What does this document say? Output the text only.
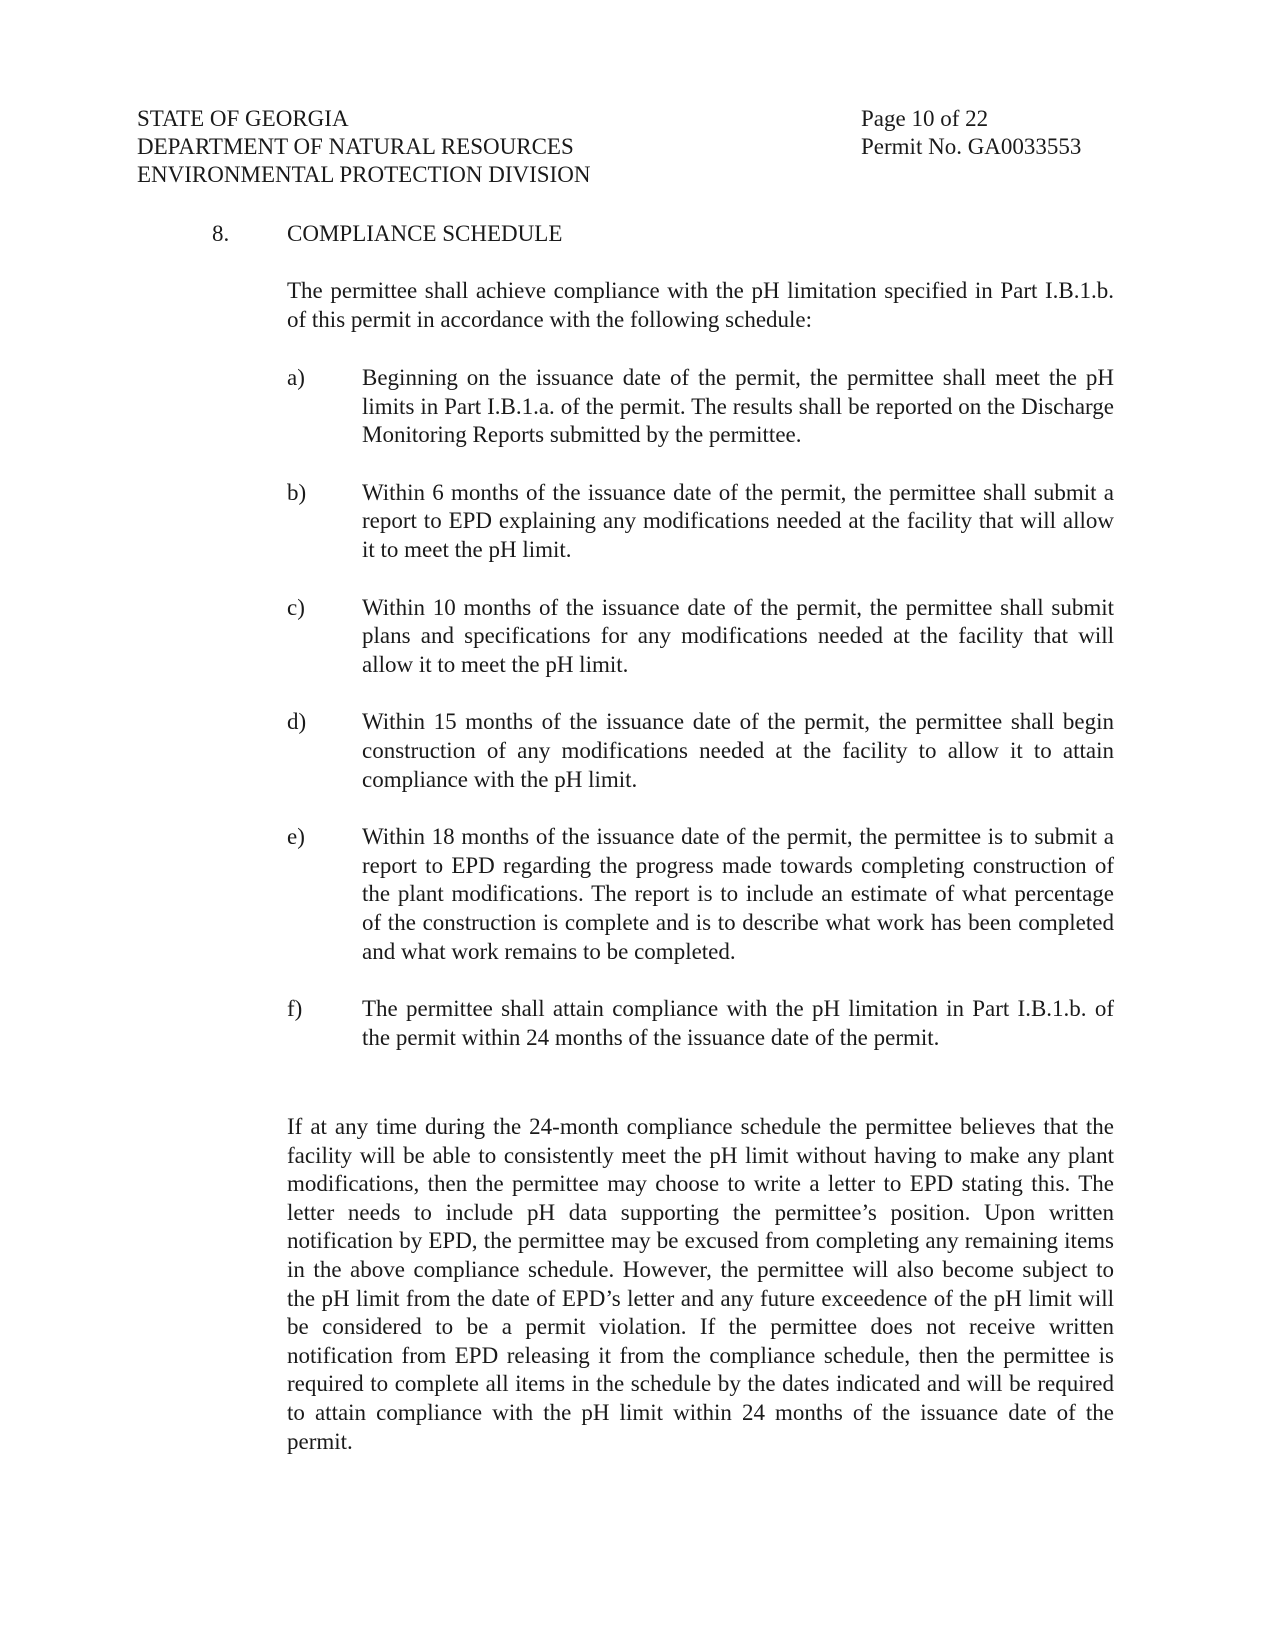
STATE OF GEORGIA
DEPARTMENT OF NATURAL RESOURCES
ENVIRONMENTAL PROTECTION DIVISION
Page 10 of 22
Permit No. GA0033553
8.	COMPLIANCE SCHEDULE

The permittee shall achieve compliance with the pH limitation specified in Part I.B.1.b. of this permit in accordance with the following schedule:

a) Beginning on the issuance date of the permit, the permittee shall meet the pH limits in Part I.B.1.a. of the permit. The results shall be reported on the Discharge Monitoring Reports submitted by the permittee.

b) Within 6 months of the issuance date of the permit, the permittee shall submit a report to EPD explaining any modifications needed at the facility that will allow it to meet the pH limit.

c) Within 10 months of the issuance date of the permit, the permittee shall submit plans and specifications for any modifications needed at the facility that will allow it to meet the pH limit.

d) Within 15 months of the issuance date of the permit, the permittee shall begin construction of any modifications needed at the facility to allow it to attain compliance with the pH limit.

e) Within 18 months of the issuance date of the permit, the permittee is to submit a report to EPD regarding the progress made towards completing construction of the plant modifications. The report is to include an estimate of what percentage of the construction is complete and is to describe what work has been completed and what work remains to be completed.

f)	The permittee shall attain compliance with the pH limitation in Part I.B.1.b. of the permit within 24 months of the issuance date of the permit.

If at any time during the 24-month compliance schedule the permittee believes that the facility will be able to consistently meet the pH limit without having to make any plant modifications, then the permittee may choose to write a letter to EPD stating this. The letter needs to include pH data supporting the permittee’s position. Upon written notification by EPD, the permittee may be excused from completing any remaining items in the above compliance schedule. However, the permittee will also become subject to the pH limit from the date of EPD’s letter and any future exceedence of the pH limit will be considered to be a permit violation. If the permittee does not receive written notification from EPD releasing it from the compliance schedule, then the permittee is required to complete all items in the schedule by the dates indicated and will be required to attain compliance with the pH limit within 24 months of the issuance date of the permit.
